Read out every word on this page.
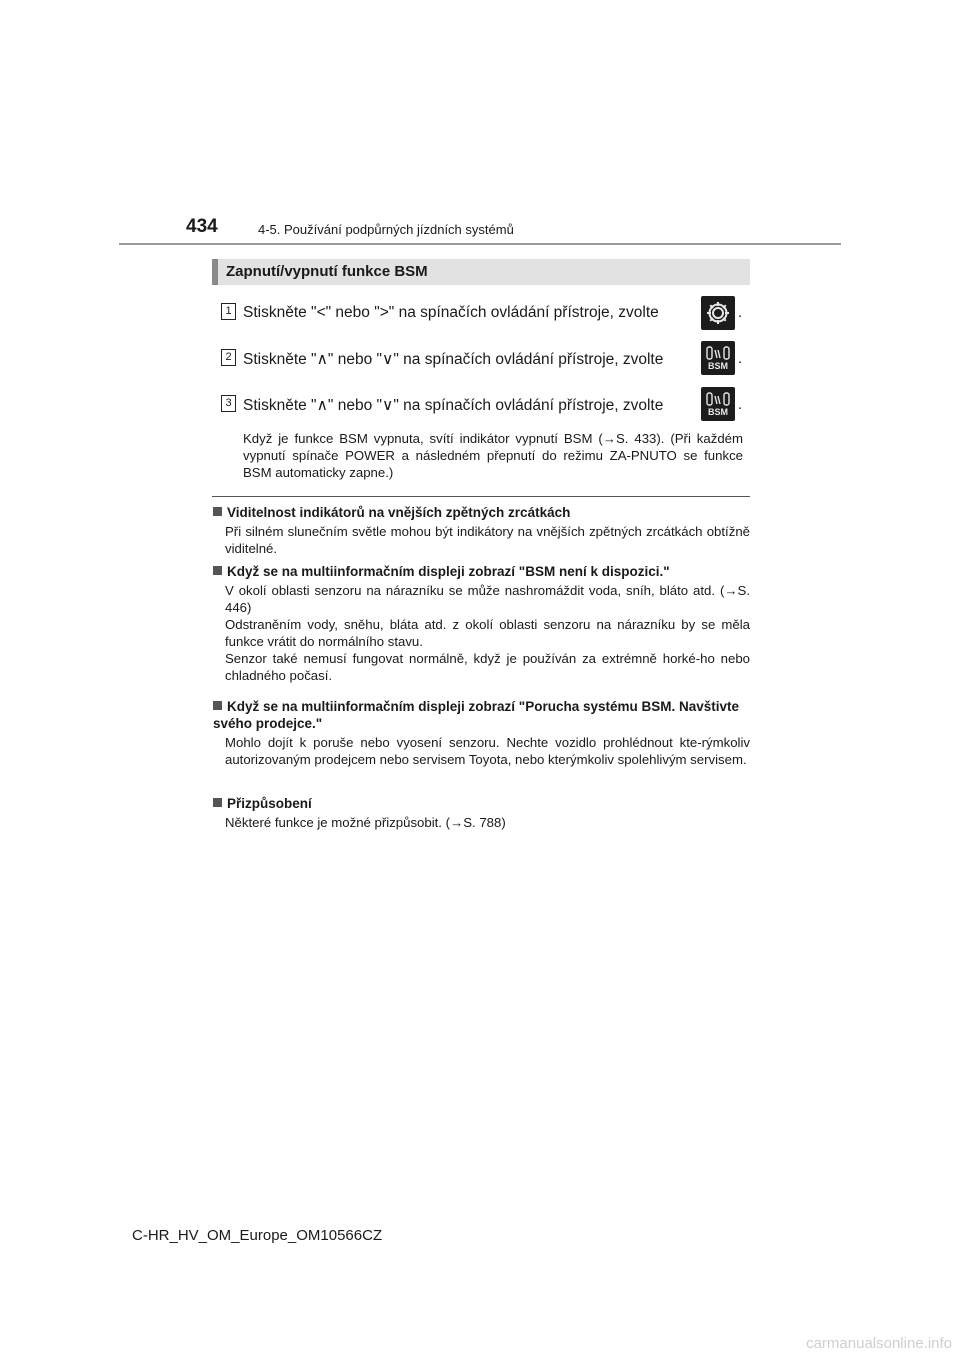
434	4-5. Používání podpůrných jízdních systémů
Zapnutí/vypnutí funkce BSM
1 Stiskněte "<" nebo ">" na spínačích ovládání přístroje, zvolte	.
2 Stiskněte "∧" nebo "∨" na spínačích ovládání přístroje, zvolte	BSM .
3 Stiskněte "∧" nebo "∨" na spínačích ovládání přístroje, zvolte	BSM .
Když je funkce BSM vypnuta, svítí indikátor vypnutí BSM (→S. 433). (Při každém vypnutí spínače POWER a následném přepnutí do režimu ZA-PNUTO se funkce BSM automaticky zapne.)
Viditelnost indikátorů na vnějších zpětných zrcátkách
Při silném slunečním světle mohou být indikátory na vnějších zpětných zrcátkách obtížně viditelné.
Když se na multiinformačním displeji zobrazí "BSM není k dispozici."
V okolí oblasti senzoru na nárazníku se může nashromáždit voda, sníh, bláto atd. (→S. 446)
Odstraněním vody, sněhu, bláta atd. z okolí oblasti senzoru na nárazníku by se měla funkce vrátit do normálního stavu.
Senzor také nemusí fungovat normálně, když je používán za extrémně horké-ho nebo chladného počasí.
Když se na multiinformačním displeji zobrazí "Porucha systému BSM. Navštivte svého prodejce."
Mohlo dojít k poruše nebo vyosení senzoru. Nechte vozidlo prohlédnout kte-rýmkoliv autorizovaným prodejcem nebo servisem Toyota, nebo kterýmkoliv spolehlivým servisem.
Přizpůsobení
Některé funkce je možné přizpůsobit. (→S. 788)
C-HR_HV_OM_Europe_OM10566CZ
carmanualsonline.info
